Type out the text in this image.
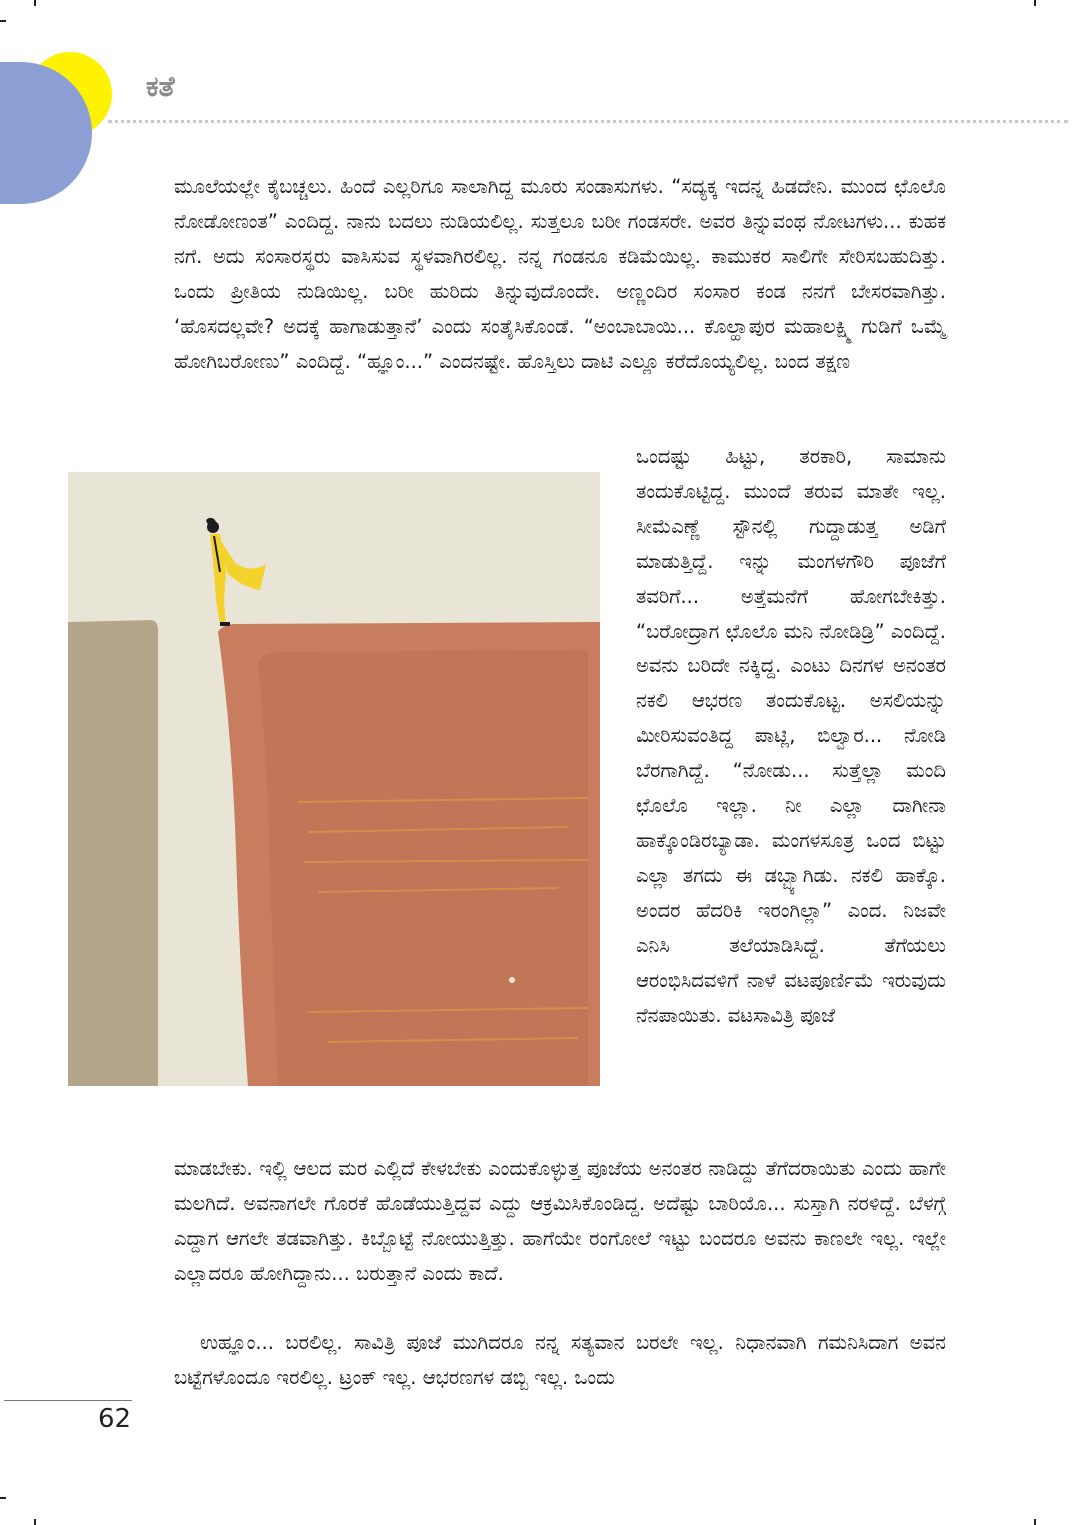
ಕತೆ

ಮೂಲೆಯಲ್ಲೇ ಕೈಬಚ್ಚಲು. ಹಿಂದೆ ಎಲ್ಲರಿಗೂ ಸಾಲಾಗಿದ್ದ ಮೂರು ಸಂಡಾಸುಗಳು. “ಸದ್ಯಕ್ಕ ಇದನ್ನ ಹಿಡದೇನಿ. ಮುಂದ ಛೊಲೊ ನೋಡೋಣಂತ” ಎಂದಿದ್ದ. ನಾನು ಬದಲು ನುಡಿಯಲಿಲ್ಲ. ಸುತ್ತಲೂ ಬರೀ ಗಂಡಸರೇ. ಅವರ ತಿನ್ನುವಂಥ ನೋಟಗಳು... ಕುಹಕ ನಗೆ. ಅದು ಸಂಸಾರಸ್ಥರು ವಾಸಿಸುವ ಸ್ಥಳವಾಗಿರಲಿಲ್ಲ. ನನ್ನ ಗಂಡನೂ ಕಡಿಮೆಯಿಲ್ಲ. ಕಾಮುಕರ ಸಾಲಿಗೇ ಸೇರಿಸಬಹುದಿತ್ತು. ಒಂದು ಪ್ರೀತಿಯ ನುಡಿಯಿಲ್ಲ. ಬರೀ ಹುರಿದು ತಿನ್ನುವುದೊಂದೇ. ಅಣ್ಣಂದಿರ ಸಂಸಾರ ಕಂಡ ನನಗೆ ಬೇಸರವಾಗಿತ್ತು. ‘ಹೊಸದಲ್ಲವೇ? ಅದಕ್ಕೆ ಹಾಗಾಡುತ್ತಾನೆ’ ಎಂದು ಸಂತೈಸಿಕೊಂಡೆ. “ಅಂಬಾಬಾಯಿ... ಕೊಲ್ಹಾಪುರ ಮಹಾಲಕ್ಷ್ಮಿ ಗುಡಿಗೆ ಒಮ್ಮೆ ಹೋಗಿಬರೋಣು” ಎಂದಿದ್ದೆ. “ಹ್ಞೂಂ...” ಎಂದನಷ್ಟೇ. ಹೊಸ್ತಿಲು ದಾಟಿ ಎಲ್ಲೂ ಕರೆದೊಯ್ಯಲಿಲ್ಲ. ಬಂದ ತಕ್ಷಣ

ಒಂದಷ್ಟು ಹಿಟ್ಟು, ತರಕಾರಿ, ಸಾಮಾನು ತಂದುಕೊಟ್ಟಿದ್ದ. ಮುಂದೆ ತರುವ ಮಾತೇ ಇಲ್ಲ. ಸೀಮೆಎಣ್ಣೆ ಸ್ಟೌನಲ್ಲಿ ಗುದ್ದಾಡುತ್ತ ಅಡಿಗೆ ಮಾಡುತ್ತಿದ್ದೆ. ಇನ್ನು ಮಂಗಳಗೌರಿ ಪೂಜೆಗೆ ತವರಿಗೆ... ಅತ್ತೆಮನೆಗೆ ಹೋಗಬೇಕಿತ್ತು. “ಬರೋದ್ರಾಗ ಛೊಲೊ ಮನಿ ನೋಡಿಡ್ರಿ” ಎಂದಿದ್ದೆ. ಅವನು ಬರಿದೇ ನಕ್ಕಿದ್ದ. ಎಂಟು ದಿನಗಳ ಅನಂತರ ನಕಲಿ ಆಭರಣ ತಂದುಕೊಟ್ಟ. ಅಸಲಿಯನ್ನು ಮೀರಿಸುವಂತಿದ್ದ ಪಾಟ್ಲಿ, ಬಿಲ್ವಾರ... ನೋಡಿ ಬೆರಗಾಗಿದ್ದೆ. “ನೋಡು... ಸುತ್ತೆಲ್ಲಾ ಮಂದಿ ಛೊಲೊ ಇಲ್ಲಾ. ನೀ ಎಲ್ಲಾ ದಾಗೀನಾ ಹಾಕ್ಕೊಂಡಿರಬ್ಯಾಡಾ. ಮಂಗಳಸೂತ್ರ ಒಂದ ಬಿಟ್ಟು ಎಲ್ಲಾ ತಗದು ಈ ಡಬ್ಬ್ಯಾಗಿಡು. ನಕಲಿ ಹಾಕ್ಕೊ. ಅಂದರ ಹೆದರಿಕಿ ಇರಂಗಿಲ್ಲಾ” ಎಂದ. ನಿಜವೇ ಎನಿಸಿ ತಲೆಯಾಡಿಸಿದ್ದೆ. ತೆಗೆಯಲು ಆರಂಭಿಸಿದವಳಿಗೆ ನಾಳೆ ವಟಪೂರ್ಣಿಮೆ ಇರುವುದು ನೆನಪಾಯಿತು. ವಟಸಾವಿತ್ರಿ ಪೂಜೆ

ಮಾಡಬೇಕು. ಇಲ್ಲಿ ಆಲದ ಮರ ಎಲ್ಲಿದೆ ಕೇಳಬೇಕು ಎಂದುಕೊಳ್ಳುತ್ತ ಪೂಜೆಯ ಅನಂತರ ನಾಡಿದ್ದು ತೆಗೆದರಾಯಿತು ಎಂದು ಹಾಗೇ ಮಲಗಿದೆ. ಅವನಾಗಲೇ ಗೊರಕೆ ಹೊಡೆಯುತ್ತಿದ್ದವ ಎದ್ದು ಆಕ್ರಮಿಸಿಕೊಂಡಿದ್ದ. ಅದೆಷ್ಟು ಬಾರಿಯೊ... ಸುಸ್ತಾಗಿ ನರಳಿದ್ದೆ. ಬೆಳಗ್ಗೆ ಎದ್ದಾಗ ಆಗಲೇ ತಡವಾಗಿತ್ತು. ಕಿಬ್ಬೊಟ್ಟೆ ನೋಯುತ್ತಿತ್ತು. ಹಾಗೆಯೇ ರಂಗೋಲೆ ಇಟ್ಟು ಬಂದರೂ ಅವನು ಕಾಣಲೇ ಇಲ್ಲ. ಇಲ್ಲೇ ಎಲ್ಲಾದರೂ ಹೋಗಿದ್ದಾನು... ಬರುತ್ತಾನೆ ಎಂದು ಕಾದೆ.

ಉಹ್ಞೂಂ... ಬರಲಿಲ್ಲ. ಸಾವಿತ್ರಿ ಪೂಜೆ ಮುಗಿದರೂ ನನ್ನ ಸತ್ಯವಾನ ಬರಲೇ ಇಲ್ಲ. ನಿಧಾನವಾಗಿ ಗಮನಿಸಿದಾಗ ಅವನ ಬಟ್ಟೆಗಳೊಂದೂ ಇರಲಿಲ್ಲ. ಟ್ರಂಕ್ ಇಲ್ಲ. ಆಭರಣಗಳ ಡಬ್ಬಿ ಇಲ್ಲ. ಒಂದು

62
